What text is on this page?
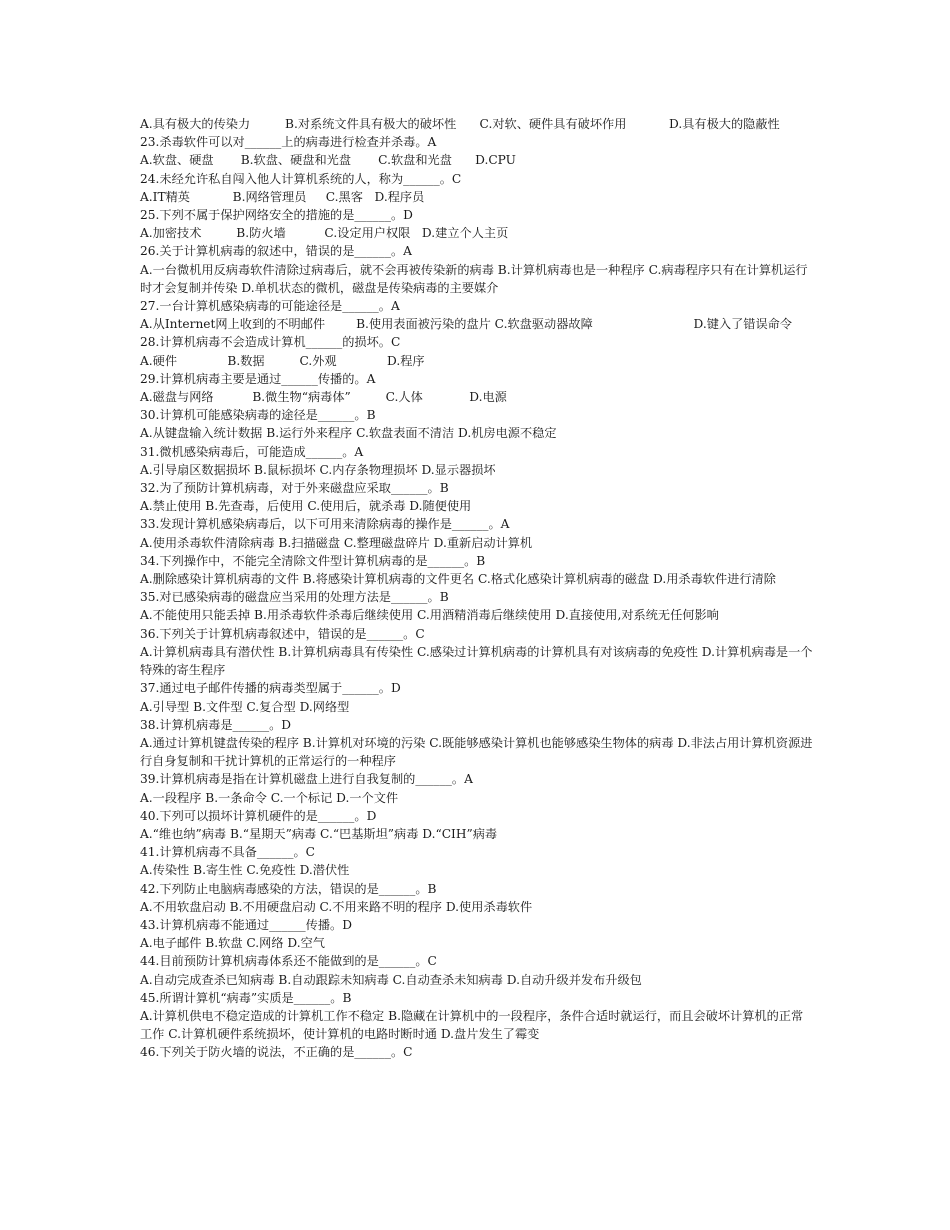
A.具有极大的传染力         B.对系统文件具有极大的破坏性      C.对软、硬件具有破坏作用           D.具有极大的隐蔽性

23.杀毒软件可以对______上的病毒进行检查并杀毒。A

A.软盘、硬盘       B.软盘、硬盘和光盘       C.软盘和光盘      D.CPU

24.未经允许私自闯入他人计算机系统的人，称为______。C

A.IT精英           B.网络管理员     C.黑客   D.程序员

25.下列不属于保护网络安全的措施的是______。D

A.加密技术         B.防火墙          C.设定用户权限   D.建立个人主页

26.关于计算机病毒的叙述中，错误的是______。A

A.一台微机用反病毒软件清除过病毒后，就不会再被传染新的病毒 B.计算机病毒也是一种程序 C.病毒程序只有在计算机运行时才会复制并传染 D.单机状态的微机，磁盘是传染病毒的主要媒介

27.一台计算机感染病毒的可能途径是______。A

A.从Internet网上收到的不明邮件        B.使用表面被污染的盘片 C.软盘驱动器故障                          D.键入了错误命令

28.计算机病毒不会造成计算机______的损坏。C

A.硬件             B.数据         C.外观             D.程序

29.计算机病毒主要是通过______传播的。A

A.磁盘与网络          B.微生物“病毒体”         C.人体            D.电源

30.计算机可能感染病毒的途径是______。B

A.从键盘输入统计数据 B.运行外来程序 C.软盘表面不清洁 D.机房电源不稳定

31.微机感染病毒后，可能造成______。A

A.引导扇区数据损坏 B.鼠标损坏 C.内存条物理损坏 D.显示器损坏

32.为了预防计算机病毒，对于外来磁盘应采取______。B

A.禁止使用 B.先查毒，后使用 C.使用后，就杀毒 D.随便使用

33.发现计算机感染病毒后，以下可用来清除病毒的操作是______。A

A.使用杀毒软件清除病毒 B.扫描磁盘 C.整理磁盘碎片 D.重新启动计算机

34.下列操作中，不能完全清除文件型计算机病毒的是______。B

A.删除感染计算机病毒的文件 B.将感染计算机病毒的文件更名 C.格式化感染计算机病毒的磁盘 D.用杀毒软件进行清除

35.对已感染病毒的磁盘应当采用的处理方法是______。B

A.不能使用只能丢掉 B.用杀毒软件杀毒后继续使用 C.用酒精消毒后继续使用 D.直接使用,对系统无任何影响

36.下列关于计算机病毒叙述中，错误的是______。C

A.计算机病毒具有潜伏性 B.计算机病毒具有传染性 C.感染过计算机病毒的计算机具有对该病毒的免疫性 D.计算机病毒是一个特殊的寄生程序

37.通过电子邮件传播的病毒类型属于______。D

A.引导型 B.文件型 C.复合型 D.网络型

38.计算机病毒是______。D

A.通过计算机键盘传染的程序 B.计算机对环境的污染 C.既能够感染计算机也能够感染生物体的病毒 D.非法占用计算机资源进行自身复制和干扰计算机的正常运行的一种程序

39.计算机病毒是指在计算机磁盘上进行自我复制的______。A

A.一段程序 B.一条命令 C.一个标记 D.一个文件

40.下列可以损坏计算机硬件的是______。D

A.“维也纳”病毒 B.“星期天”病毒 C.“巴基斯坦”病毒 D.“CIH”病毒

41.计算机病毒不具备______。C

A.传染性 B.寄生性 C.免疫性 D.潜伏性

42.下列防止电脑病毒感染的方法，错误的是______。B

A.不用软盘启动 B.不用硬盘启动 C.不用来路不明的程序 D.使用杀毒软件

43.计算机病毒不能通过______传播。D

A.电子邮件 B.软盘 C.网络 D.空气

44.目前预防计算机病毒体系还不能做到的是______。C

A.自动完成查杀已知病毒 B.自动跟踪未知病毒 C.自动查杀未知病毒 D.自动升级并发布升级包

45.所谓计算机“病毒”实质是______。B

A.计算机供电不稳定造成的计算机工作不稳定 B.隐藏在计算机中的一段程序，条件合适时就运行，而且会破坏计算机的正常工作 C.计算机硬件系统损坏，使计算机的电路时断时通 D.盘片发生了霉变

46.下列关于防火墙的说法，不正确的是______。C
